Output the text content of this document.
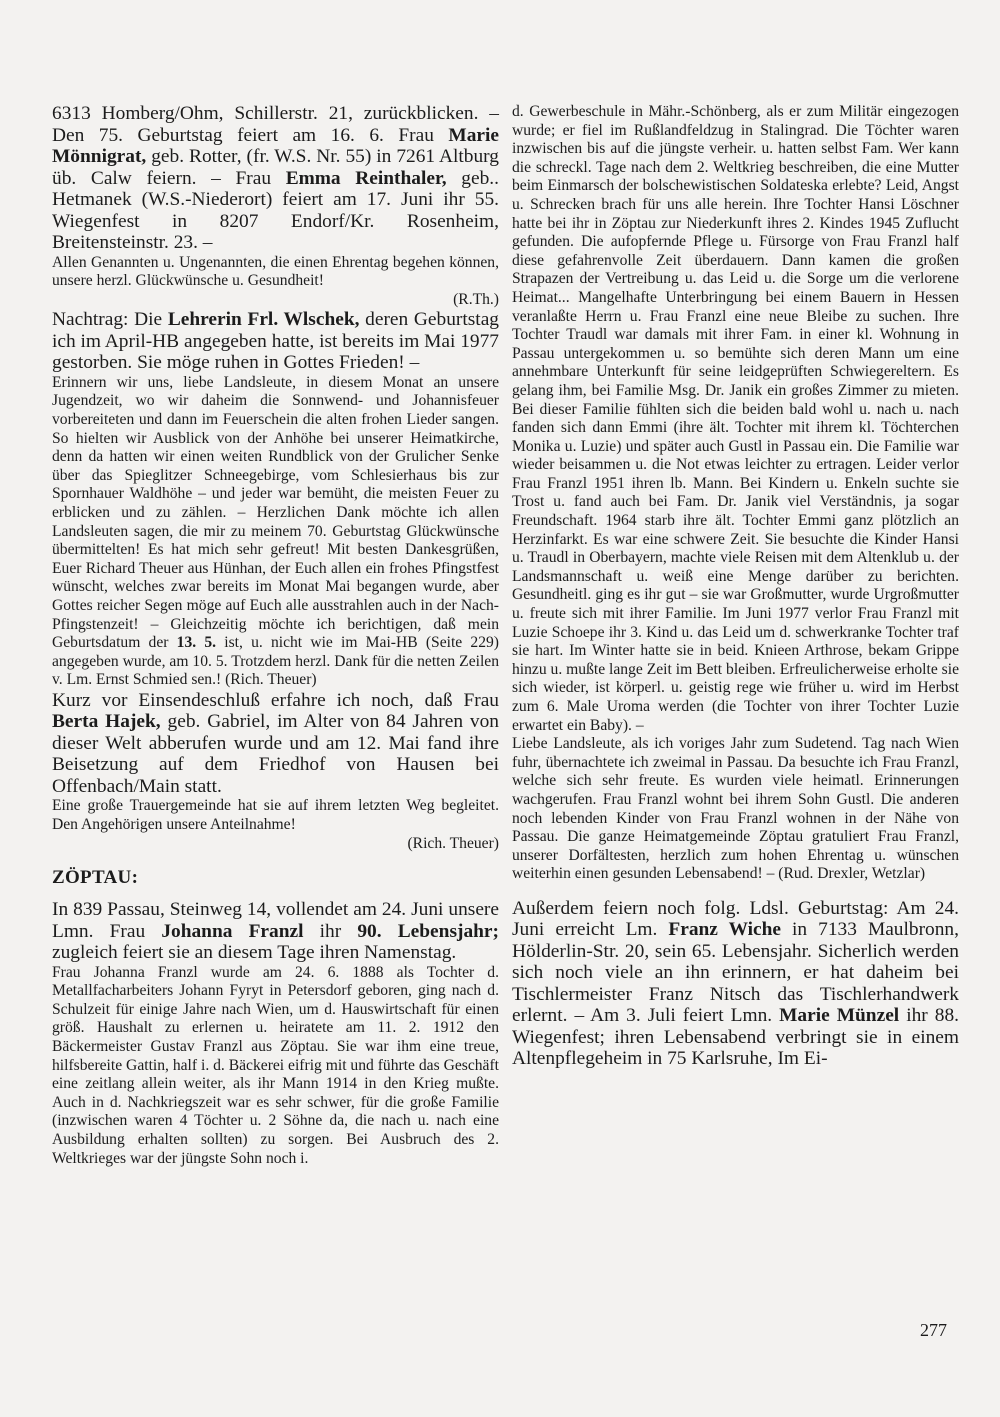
6313 Homberg/Ohm, Schillerstr. 21, zurückblicken. – Den 75. Geburtstag feiert am 16. 6. Frau Marie Mönnigrat, geb. Rotter, (fr. W.S. Nr. 55) in 7261 Altburg üb. Calw feiern. – Frau Emma Reinthaler, geb.. Hetmanek (W.S.-Niederort) feiert am 17. Juni ihr 55. Wiegenfest in 8207 Endorf/Kr. Rosenheim, Breitensteinstr. 23. –

Allen Genannten u. Ungenannten, die einen Ehrentag begehen können, unsere herzl. Glückwünsche u. Gesundheit!

(R.Th.)

Nachtrag: Die Lehrerin Frl. Wlschek, deren Geburtstag ich im April-HB angegeben hatte, ist bereits im Mai 1977 gestorben. Sie möge ruhen in Gottes Frieden! –

Erinnern wir uns, liebe Landsleute, in diesem Monat an unsere Jugendzeit, wo wir daheim die Sonnwend- und Johannisfeuer vorbereiteten und dann im Feuerschein die alten frohen Lieder sangen. So hielten wir Ausblick von der Anhöhe bei unserer Heimatkirche, denn da hatten wir einen weiten Rundblick von der Grulicher Senke über das Spieglitzer Schneegebirge, vom Schlesierhaus bis zur Spornhauer Waldhöhe – und jeder war bemüht, die meisten Feuer zu erblicken und zu zählen. – Herzlichen Dank möchte ich allen Landsleuten sagen, die mir zu meinem 70. Geburtstag Glückwünsche übermittelten! Es hat mich sehr gefreut! Mit besten Dankesgrüßen, Euer Richard Theuer aus Hünhan, der Euch allen ein frohes Pfingstfest wünscht, welches zwar bereits im Monat Mai begangen wurde, aber Gottes reicher Segen möge auf Euch alle ausstrahlen auch in der Nach-Pfingstenzeit! – Gleichzeitig möchte ich berichtigen, daß mein Geburtsdatum der 13. 5. ist, u. nicht wie im Mai-HB (Seite 229) angegeben wurde, am 10. 5. Trotzdem herzl. Dank für die netten Zeilen v. Lm. Ernst Schmied sen.! (Rich. Theuer)

Kurz vor Einsendeschluß erfahre ich noch, daß Frau Berta Hajek, geb. Gabriel, im Alter von 84 Jahren von dieser Welt abberufen wurde und am 12. Mai fand ihre Beisetzung auf dem Friedhof von Hausen bei Offenbach/Main statt.

Eine große Trauergemeinde hat sie auf ihrem letzten Weg begleitet. Den Angehörigen unsere Anteilnahme!

(Rich. Theuer)

ZÖPTAU:

In 839 Passau, Steinweg 14, vollendet am 24. Juni unsere Lmn. Frau Johanna Franzl ihr 90. Lebensjahr; zugleich feiert sie an diesem Tage ihren Namenstag.

Frau Johanna Franzl wurde am 24. 6. 1888 als Tochter d. Metallfacharbeiters Johann Fyryt in Petersdorf geboren, ging nach d. Schulzeit für einige Jahre nach Wien, um d. Hauswirtschaft für einen größ. Haushalt zu erlernen u. heiratete am 11. 2. 1912 den Bäckermeister Gustav Franzl aus Zöptau. Sie war ihm eine treue, hilfsbereite Gattin, half i. d. Bäckerei eifrig mit und führte das Geschäft eine zeitlang allein weiter, als ihr Mann 1914 in den Krieg mußte. Auch in d. Nachkriegszeit war es sehr schwer, für die große Familie (inzwischen waren 4 Töchter u. 2 Söhne da, die nach u. nach eine Ausbildung erhalten sollten) zu sorgen. Bei Ausbruch des 2. Weltkrieges war der jüngste Sohn noch i.

d. Gewerbeschule in Mähr.-Schönberg, als er zum Militär eingezogen wurde; er fiel im Rußlandfeldzug in Stalingrad. Die Töchter waren inzwischen bis auf die jüngste verheir. u. hatten selbst Fam. Wer kann die schreckl. Tage nach dem 2. Weltkrieg beschreiben, die eine Mutter beim Einmarsch der bolschewistischen Soldateska erlebte? Leid, Angst u. Schrecken brach für uns alle herein. Ihre Tochter Hansi Löschner hatte bei ihr in Zöptau zur Niederkunft ihres 2. Kindes 1945 Zuflucht gefunden. Die aufopfernde Pflege u. Fürsorge von Frau Franzl half diese gefahrenvolle Zeit überdauern. Dann kamen die großen Strapazen der Vertreibung u. das Leid u. die Sorge um die verlorene Heimat... Mangelhafte Unterbringung bei einem Bauern in Hessen veranlaßte Herrn u. Frau Franzl eine neue Bleibe zu suchen. Ihre Tochter Traudl war damals mit ihrer Fam. in einer kl. Wohnung in Passau untergekommen u. so bemühte sich deren Mann um eine annehmbare Unterkunft für seine leidgeprüften Schwiegereltern. Es gelang ihm, bei Familie Msg. Dr. Janik ein großes Zimmer zu mieten. Bei dieser Familie fühlten sich die beiden bald wohl u. nach u. nach fanden sich dann Emmi (ihre ält. Tochter mit ihrem kl. Töchterchen Monika u. Luzie) und später auch Gustl in Passau ein. Die Familie war wieder beisammen u. die Not etwas leichter zu ertragen. Leider verlor Frau Franzl 1951 ihren lb. Mann. Bei Kindern u. Enkeln suchte sie Trost u. fand auch bei Fam. Dr. Janik viel Verständnis, ja sogar Freundschaft. 1964 starb ihre ält. Tochter Emmi ganz plötzlich an Herzinfarkt. Es war eine schwere Zeit. Sie besuchte die Kinder Hansi u. Traudl in Oberbayern, machte viele Reisen mit dem Altenklub u. der Landsmannschaft u. weiß eine Menge darüber zu berichten. Gesundheitl. ging es ihr gut – sie war Großmutter, wurde Urgroßmutter u. freute sich mit ihrer Familie. Im Juni 1977 verlor Frau Franzl mit Luzie Schoepe ihr 3. Kind u. das Leid um d. schwerkranke Tochter traf sie hart. Im Winter hatte sie in beid. Knieen Arthrose, bekam Grippe hinzu u. mußte lange Zeit im Bett bleiben. Erfreulicherweise erholte sie sich wieder, ist körperl. u. geistig rege wie früher u. wird im Herbst zum 6. Male Uroma werden (die Tochter von ihrer Tochter Luzie erwartet ein Baby). –

Liebe Landsleute, als ich voriges Jahr zum Sudetend. Tag nach Wien fuhr, übernachtete ich zweimal in Passau. Da besuchte ich Frau Franzl, welche sich sehr freute. Es wurden viele heimatl. Erinnerungen wachgerufen. Frau Franzl wohnt bei ihrem Sohn Gustl. Die anderen noch lebenden Kinder von Frau Franzl wohnen in der Nähe von Passau. Die ganze Heimatgemeinde Zöptau gratuliert Frau Franzl, unserer Dorfältesten, herzlich zum hohen Ehrentag u. wünschen weiterhin einen gesunden Lebensabend! – (Rud. Drexler, Wetzlar)

Außerdem feiern noch folg. Ldsl. Geburtstag: Am 24. Juni erreicht Lm. Franz Wiche in 7133 Maulbronn, Hölderlin-Str. 20, sein 65. Lebensjahr. Sicherlich werden sich noch viele an ihn erinnern, er hat daheim bei Tischlermeister Franz Nitsch das Tischlerhandwerk erlernt. – Am 3. Juli feiert Lmn. Marie Münzel ihr 88. Wiegenfest; ihren Lebensabend verbringt sie in einem Altenpflegeheim in 75 Karlsruhe, Im Ei-

277
